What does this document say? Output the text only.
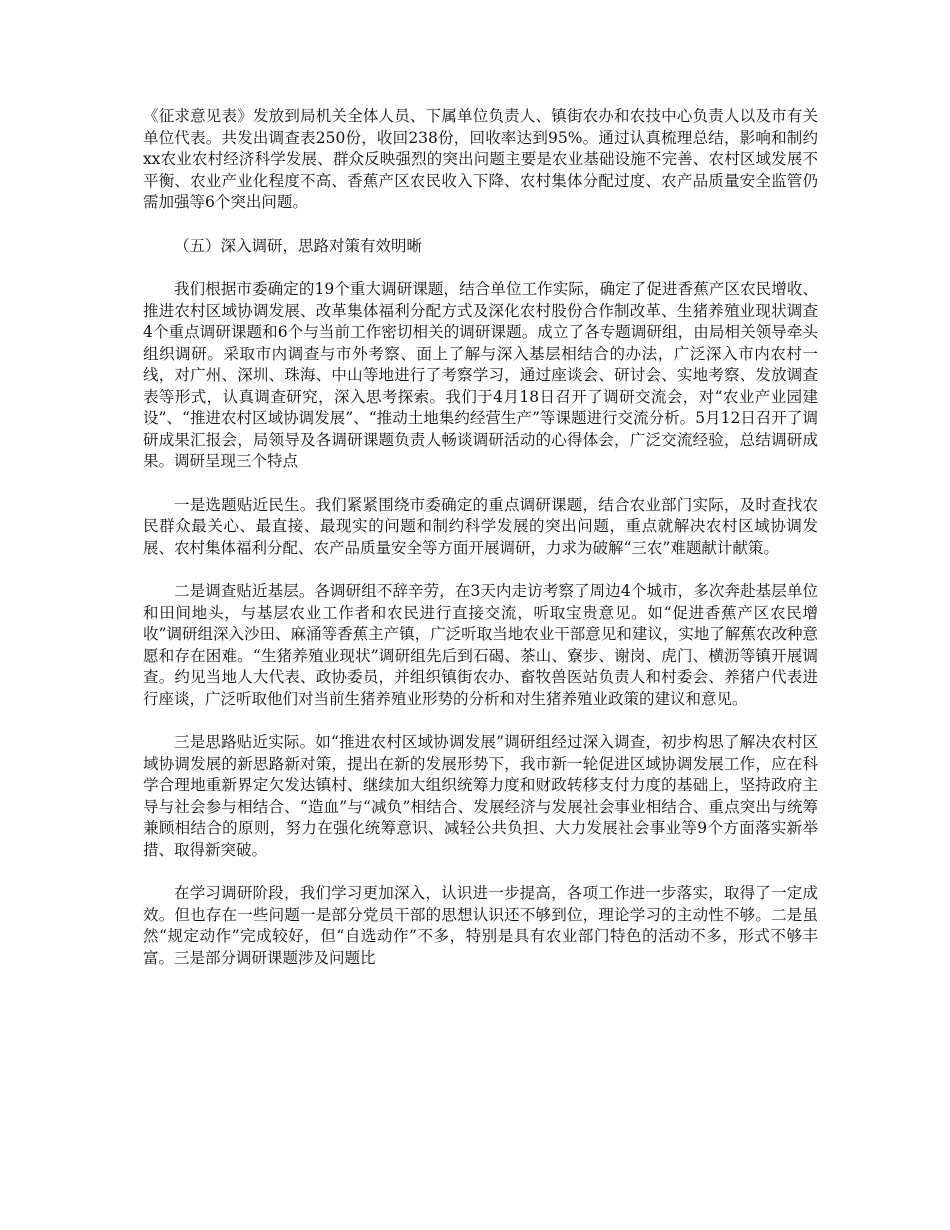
《征求意见表》发放到局机关全体人员、下属单位负责人、镇街农办和农技中心负责人以及市有关单位代表。共发出调查表250份，收回238份，回收率达到95%。通过认真梳理总结，影响和制约xx农业农村经济科学发展、群众反映强烈的突出问题主要是农业基础设施不完善、农村区域发展不平衡、农业产业化程度不高、香蕉产区农民收入下降、农村集体分配过度、农产品质量安全监管仍需加强等6个突出问题。

（五）深入调研，思路对策有效明晰

我们根据市委确定的19个重大调研课题，结合单位工作实际，确定了促进香蕉产区农民增收、推进农村区域协调发展、改革集体福利分配方式及深化农村股份合作制改革、生猪养殖业现状调查4个重点调研课题和6个与当前工作密切相关的调研课题。成立了各专题调研组，由局相关领导牵头组织调研。采取市内调查与市外考察、面上了解与深入基层相结合的办法，广泛深入市内农村一线，对广州、深圳、珠海、中山等地进行了考察学习，通过座谈会、研讨会、实地考察、发放调查表等形式，认真调查研究，深入思考探索。我们于4月18日召开了调研交流会，对“农业产业园建设”、“推进农村区域协调发展”、“推动土地集约经营生产”等课题进行交流分析。5月12日召开了调研成果汇报会，局领导及各调研课题负责人畅谈调研活动的心得体会，广泛交流经验，总结调研成果。调研呈现三个特点

一是选题贴近民生。我们紧紧围绕市委确定的重点调研课题，结合农业部门实际，及时查找农民群众最关心、最直接、最现实的问题和制约科学发展的突出问题，重点就解决农村区域协调发展、农村集体福利分配、农产品质量安全等方面开展调研，力求为破解“三农”难题献计献策。

二是调查贴近基层。各调研组不辞辛劳，在3天内走访考察了周边4个城市，多次奔赴基层单位和田间地头，与基层农业工作者和农民进行直接交流，听取宝贵意见。如“促进香蕉产区农民增收”调研组深入沙田、麻涌等香蕉主产镇，广泛听取当地农业干部意见和建议，实地了解蕉农改种意愿和存在困难。“生猪养殖业现状”调研组先后到石碣、茶山、寮步、谢岗、虎门、横沥等镇开展调查。约见当地人大代表、政协委员，并组织镇街农办、畜牧兽医站负责人和村委会、养猪户代表进行座谈，广泛听取他们对当前生猪养殖业形势的分析和对生猪养殖业政策的建议和意见。

三是思路贴近实际。如“推进农村区域协调发展”调研组经过深入调查，初步构思了解决农村区域协调发展的新思路新对策，提出在新的发展形势下，我市新一轮促进区域协调发展工作，应在科学合理地重新界定欠发达镇村、继续加大组织统筹力度和财政转移支付力度的基础上，坚持政府主导与社会参与相结合、“造血”与“减负”相结合、发展经济与发展社会事业相结合、重点突出与统筹兼顾相结合的原则，努力在强化统筹意识、减轻公共负担、大力发展社会事业等9个方面落实新举措、取得新突破。

在学习调研阶段，我们学习更加深入，认识进一步提高，各项工作进一步落实，取得了一定成效。但也存在一些问题一是部分党员干部的思想认识还不够到位，理论学习的主动性不够。二是虽然“规定动作”完成较好，但“自选动作”不多，特别是具有农业部门特色的活动不多，形式不够丰富。三是部分调研课题涉及问题比
